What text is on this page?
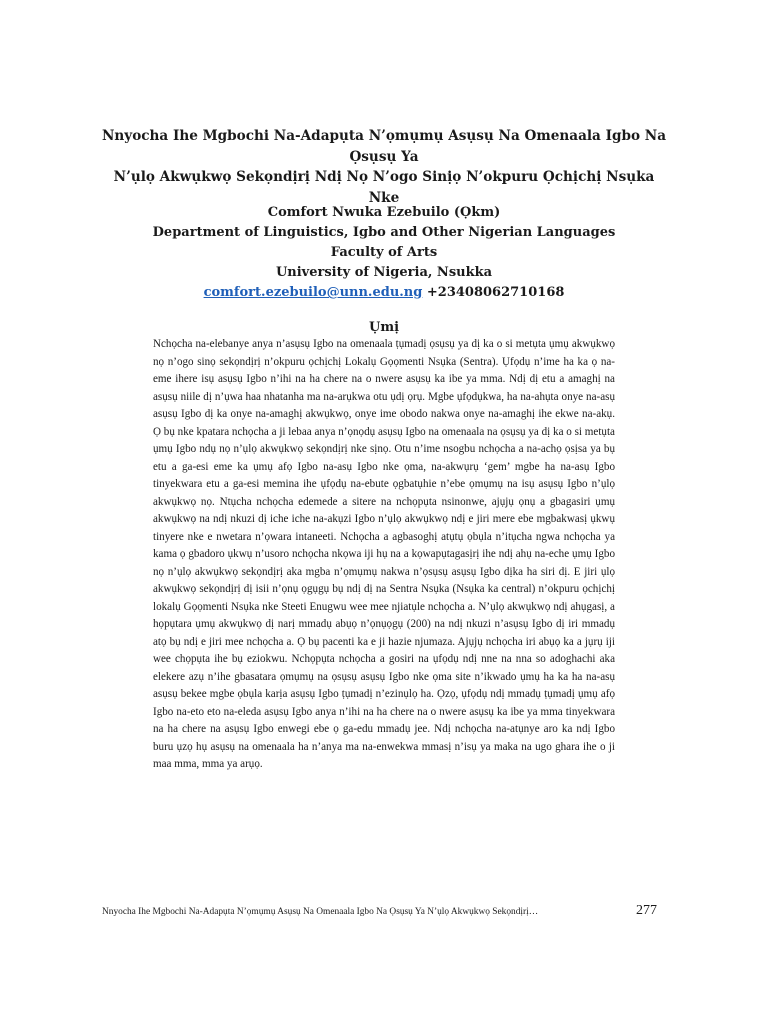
Nnyocha Ihe Mgbochi Na-Adapụta N’ọmụmụ Asụsụ Na Omenaala Igbo Na Ọsụsụ Ya
N’ụlọ Akwụkwọ Sekọndịrị Ndị Nọ N’ogo Sinịọ N’okpuru Ọchịchị Nsụka
Nke
Comfort Nwuka Ezebuilo (Ọkm)
Department of Linguistics, Igbo and Other Nigerian Languages
Faculty of Arts
University of Nigeria, Nsukka
comfort.ezebuilo@unn.edu.ng +23408062710168
Ụmị
Nchọcha na-elebanye anya n’asụsụ Igbo na omenaala ṭụmadị ọsụsụ ya dị ka o si metụta ụmụ akwụkwọ nọ n’ogo sinọ sekọndịrị n’okpuru ọchịchị Lokalụ Gọọmenti Nsụka (Sentra). Ụfọdụ n’ime ha ka ọ na-eme ihere isụ asụsụ Igbo n’ihi na ha chere na o nwere asụsụ ka ibe ya mma. Ndị dị etu a amaghị na asụsụ niile dị n’ụwa haa nhatanha ma na-arụkwa otu ụdị ọrụ. Mgbe ụfọdụkwa, ha na-ahụta onye na-asụ asụsụ Igbo dị ka onye na-amaghị akwụkwọ, onye ime obodo nakwa onye na-amaghị ihe ekwe na-akụ. Ọ bụ nke kpatara nchọcha a ji lebaa anya n’ọnọdụ asụsụ Igbo na omenaala na ọsụsụ ya dị ka o si metụta ụmụ Igbo ndụ nọ n’ụlọ akwụkwọ sekọndịrị nke sịnọ. Otu n’ime nsogbu nchọcha a na-achọ ọsịsa ya bụ etu a ga-esi eme ka ụmụ afọ Igbo na-asụ Igbo nke ọma, na-akwụrụ ‘gem’ mgbe ha na-asụ Igbo tinyekwara etu a ga-esi memina ihe ụfọdụ na-ebute ọgbatụhie n’ebe ọmụmụ na isụ asụsụ Igbo n’ụlọ akwụkwọ nọ. Ntụcha nchọcha edemede a sitere na nchọpụta nsinonwe, ajụjụ ọnụ a gbagasiri ụmụ akwụkwọ na ndị nkuzi dị iche iche na-akụzi Igbo n’ụlọ akwụkwọ ndị e jiri mere ebe mgbakwasị ụkwụ tinyere nke e nwetara n’ọwara intaneeti. Nchọcha a agbasoghị atụtụ ọbụla n’itụcha ngwa nchọcha ya kama ọ gbadoro ụkwụ n’usoro nchọcha nkọwa iji hụ na a kọwapụtagasịrị ihe ndị ahụ na-eche ụmụ Igbo nọ n’ụlọ akwụkwọ sekọndịrị aka mgba n’ọmụmụ nakwa n’ọsụsụ asụsụ Igbo dịka ha siri dị. E jiri ụlọ akwụkwọ sekọndịrị dị isii n’ọnụ ọgụgụ bụ ndị dị na Sentra Nsụka (Nsụka ka central) n’okpuru ọchịchị lokalụ Gọọmenti Nsụka nke Steeti Enugwu wee mee njiatụle nchọcha a. N’ụlọ akwụkwọ ndị ahụgasị, a họpụtara ụmụ akwụkwọ dị narị mmadụ abụọ n’ọnụọgụ (200) na ndị nkuzi n’asụsụ Igbo dị iri mmadụ atọ bụ ndị e jiri mee nchọcha a. Ọ bụ pacenti ka e ji hazie njumaza. Ajụjụ nchọcha iri abụọ ka a jụrụ iji wee chọpụta ihe bụ eziokwu. Nchọpụta nchọcha a gosiri na ụfọdụ ndị nne na nna so adoghachi aka elekere azụ n’ihe gbasatara ọmụmụ na ọsụsụ asụsụ Igbo nke ọma site n’ikwado ụmụ ha ka ha na-asụ asụsụ bekee mgbe ọbụla karịa asụsụ Igbo ṭụmadị n’ezinụlọ ha. Ọzọ, ụfọdụ ndị mmadụ ṭụmadị ụmụ afọ Igbo na-eto eto na-eleda asụsụ Igbo anya n’ihi na ha chere na o nwere asụsụ ka ibe ya mma tinyekwara na ha chere na asụsụ Igbo enwegi ebe ọ ga-edu mmadụ jee. Ndị nchọcha na-atụnye aro ka ndị Igbo buru ụzọ hụ asụsụ na omenaala ha n’anya ma na-enwekwa mmasị n’isụ ya maka na ugo ghara ihe o ji maa mma, mma ya arụọ.
Nnyocha Ihe Mgbochi Na-Adapụta N’ọmụmụ Asụsụ Na Omenaala Igbo Na Ọsụsụ Ya N’ụlọ Akwụkwọ Sekọndịrị…	277
